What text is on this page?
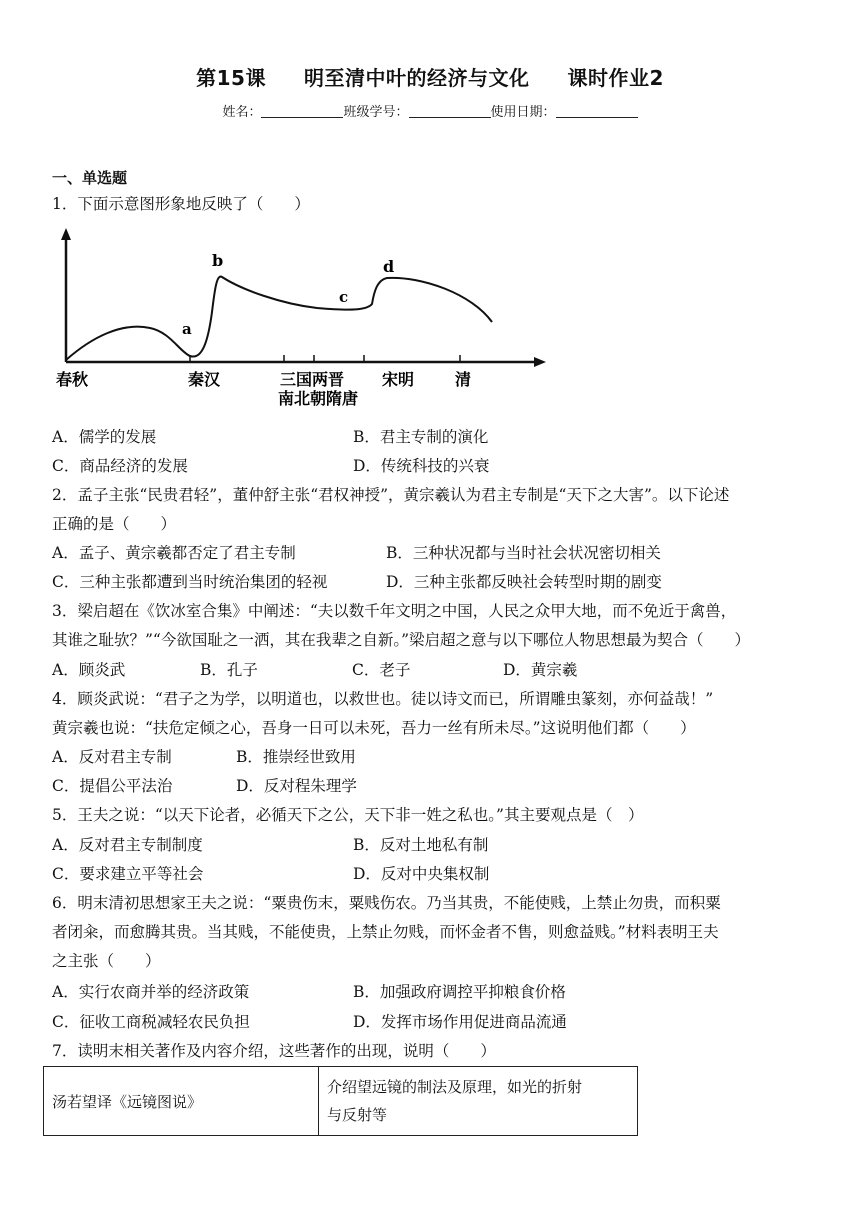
第15课 明至清中叶的经济与文化 课时作业2
姓名：	班级学号：	使用日期：
一、单选题
1．下面示意图形象地反映了（　　）
a
b
c
d
春秋	秦汉	三国两晋
南北朝隋唐
宋明	清
A．儒学的发展	B．君主专制的演化
C．商品经济的发展	D．传统科技的兴衰
2．孟子主张“民贵君轻”，董仲舒主张“君权神授”，黄宗羲认为君主专制是“天下之大害”。以下论述
正确的是（　　）
A．孟子、黄宗羲都否定了君主专制	B．三种状况都与当时社会状况密切相关
C．三种主张都遭到当时统治集团的轻视	D．三种主张都反映社会转型时期的剧变
3．梁启超在《饮冰室合集》中阐述：“夫以数千年文明之中国，人民之众甲大地，而不免近于禽兽，
其谁之耻欤？”“今欲国耻之一洒，其在我辈之自新。”梁启超之意与以下哪位人物思想最为契合（　　）
A．顾炎武	B．孔子	C．老子	D．黄宗羲
4．顾炎武说：“君子之为学，以明道也，以救世也。徒以诗文而已，所谓雕虫篆刻，亦何益哉！”
黄宗羲也说：“扶危定倾之心，吾身一日可以未死，吾力一丝有所未尽。”这说明他们都（　　）
A．反对君主专制	B．推崇经世致用
C．提倡公平法治	D．反对程朱理学
5．王夫之说：“以天下论者，必循天下之公，天下非一姓之私也。”其主要观点是（　）
A．反对君主专制制度	B．反对土地私有制
C．要求建立平等社会	D．反对中央集权制
6．明末清初思想家王夫之说：“粟贵伤末，粟贱伤农。乃当其贵，不能使贱，上禁止勿贵，而积粟
者闭籴，而愈腾其贵。当其贱，不能使贵，上禁止勿贱，而怀金者不售，则愈益贱。”材料表明王夫
之主张（　　）
A．实行农商并举的经济政策	B．加强政府调控平抑粮食价格
C．征收工商税减轻农民负担	D．发挥市场作用促进商品流通
7．读明末相关著作及内容介绍，这些著作的出现，说明（　　）
汤若望译《远镜图说》	介绍望远镜的制法及原理，如光的折射
与反射等
